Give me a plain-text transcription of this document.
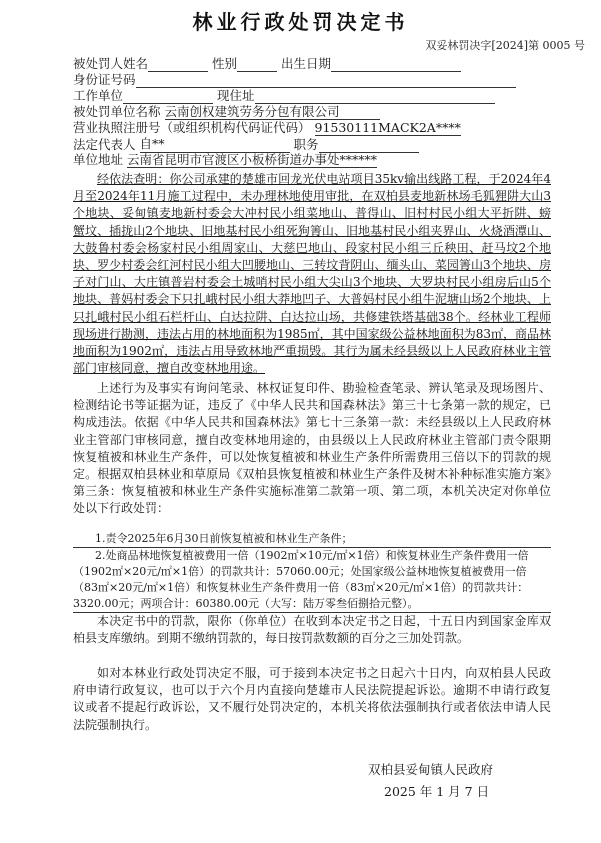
林业行政处罚决定书
双妥林罚决字[2024]第 0005 号
被处罚人姓名	性别	出生日期
身份证号码
工作单位	现住址
被处罚单位名称 云南创权建筑劳务分包有限公司
营业执照注册号（或组织机构代码证代码） 91530111MACK2A****
法定代表人 自**	职务
单位地址 云南省昆明市官渡区小板桥街道办事处******

经依法查明：你公司承建的楚雄市回龙光伏电站项目35kv输出线路工程，于2024年4月至2024年11月施工过程中，未办理林地使用审批，在双柏县麦地新林场毛狐狸阱大山3个地块、妥甸镇麦地新村委会大冲村民小组菜地山、普得山、旧村村民小组大平折阱、螃蟹坟、插拢山2个地块、旧地基村民小组死狗箐山、旧地基村民小组夹界山、火烧酒潭山、大鼓鲁村委会杨家村民小组周家山、大慈巴地山、段家村民小组三丘秧田、赶马坟2个地块、罗少村委会红河村民小组大凹腰地山、三转坟背阴山、缅头山、菜园箐山3个地块、房子对门山、大庄镇普岩村委会土城哨村民小组大尖山3个地块、大罗块村民小组房后山5个地块、普妈村委会下只扎峨村民小组大莽地凹子、大普妈村民小组牛泥塘山场2个地块、上只扎峨村民小组石栏杆山、白达拉阱、白达拉山场，共修建铁塔基础38个。经林业工程师现场进行勘测，违法占用的林地面积为1985㎡，其中国家级公益林地面积为83㎡，商品林地面积为1902㎡，违法占用导致林地严重损毁。其行为属未经县级以上人民政府林业主管部门审核同意，擅自改变林地用途。

上述行为及事实有询问笔录、林权证复印件、勘验检查笔录、辨认笔录及现场图片、检测结论书等证据为证，违反了《中华人民共和国森林法》第三十七条第一款的规定，已构成违法。依据《中华人民共和国森林法》第七十三条第一款：未经县级以上人民政府林业主管部门审核同意，擅自改变林地用途的，由县级以上人民政府林业主管部门责令限期恢复植被和林业生产条件，可以处恢复植被和林业生产条件所需费用三倍以下的罚款的规定。根据双柏县林业和草原局《双柏县恢复植被和林业生产条件及树木补种标准实施方案》第三条：恢复植被和林业生产条件实施标准第二款第一项、第二项，本机关决定对你单位处以下行政处罚：

1.责令2025年6月30日前恢复植被和林业生产条件；
2.处商品林地恢复植被费用一倍（1902㎡×10元/㎡×1倍）和恢复林业生产条件费用一倍（1902㎡×20元/㎡×1倍）的罚款共计：57060.00元；处国家级公益林地恢复植被费用一倍（83㎡×20元/㎡×1倍）和恢复林业生产条件费用一倍（83㎡×20元/㎡×1倍）的罚款共计：3320.00元；两项合计：60380.00元（大写：陆万零叁佰捌拾元整）。

本决定书中的罚款，限你（你单位）在收到本决定书之日起，十五日内到国家金库双柏县支库缴纳。到期不缴纳罚款的，每日按罚款数额的百分之三加处罚款。

如对本林业行政处罚决定不服，可于接到本决定书之日起六十日内，向双柏县人民政府申请行政复议，也可以于六个月内直接向楚雄市人民法院提起诉讼。逾期不申请行政复议或者不提起行政诉讼，又不履行处罚决定的，本机关将依法强制执行或者依法申请人民法院强制执行。

双柏县妥甸镇人民政府
2025 年 1 月 7 日
